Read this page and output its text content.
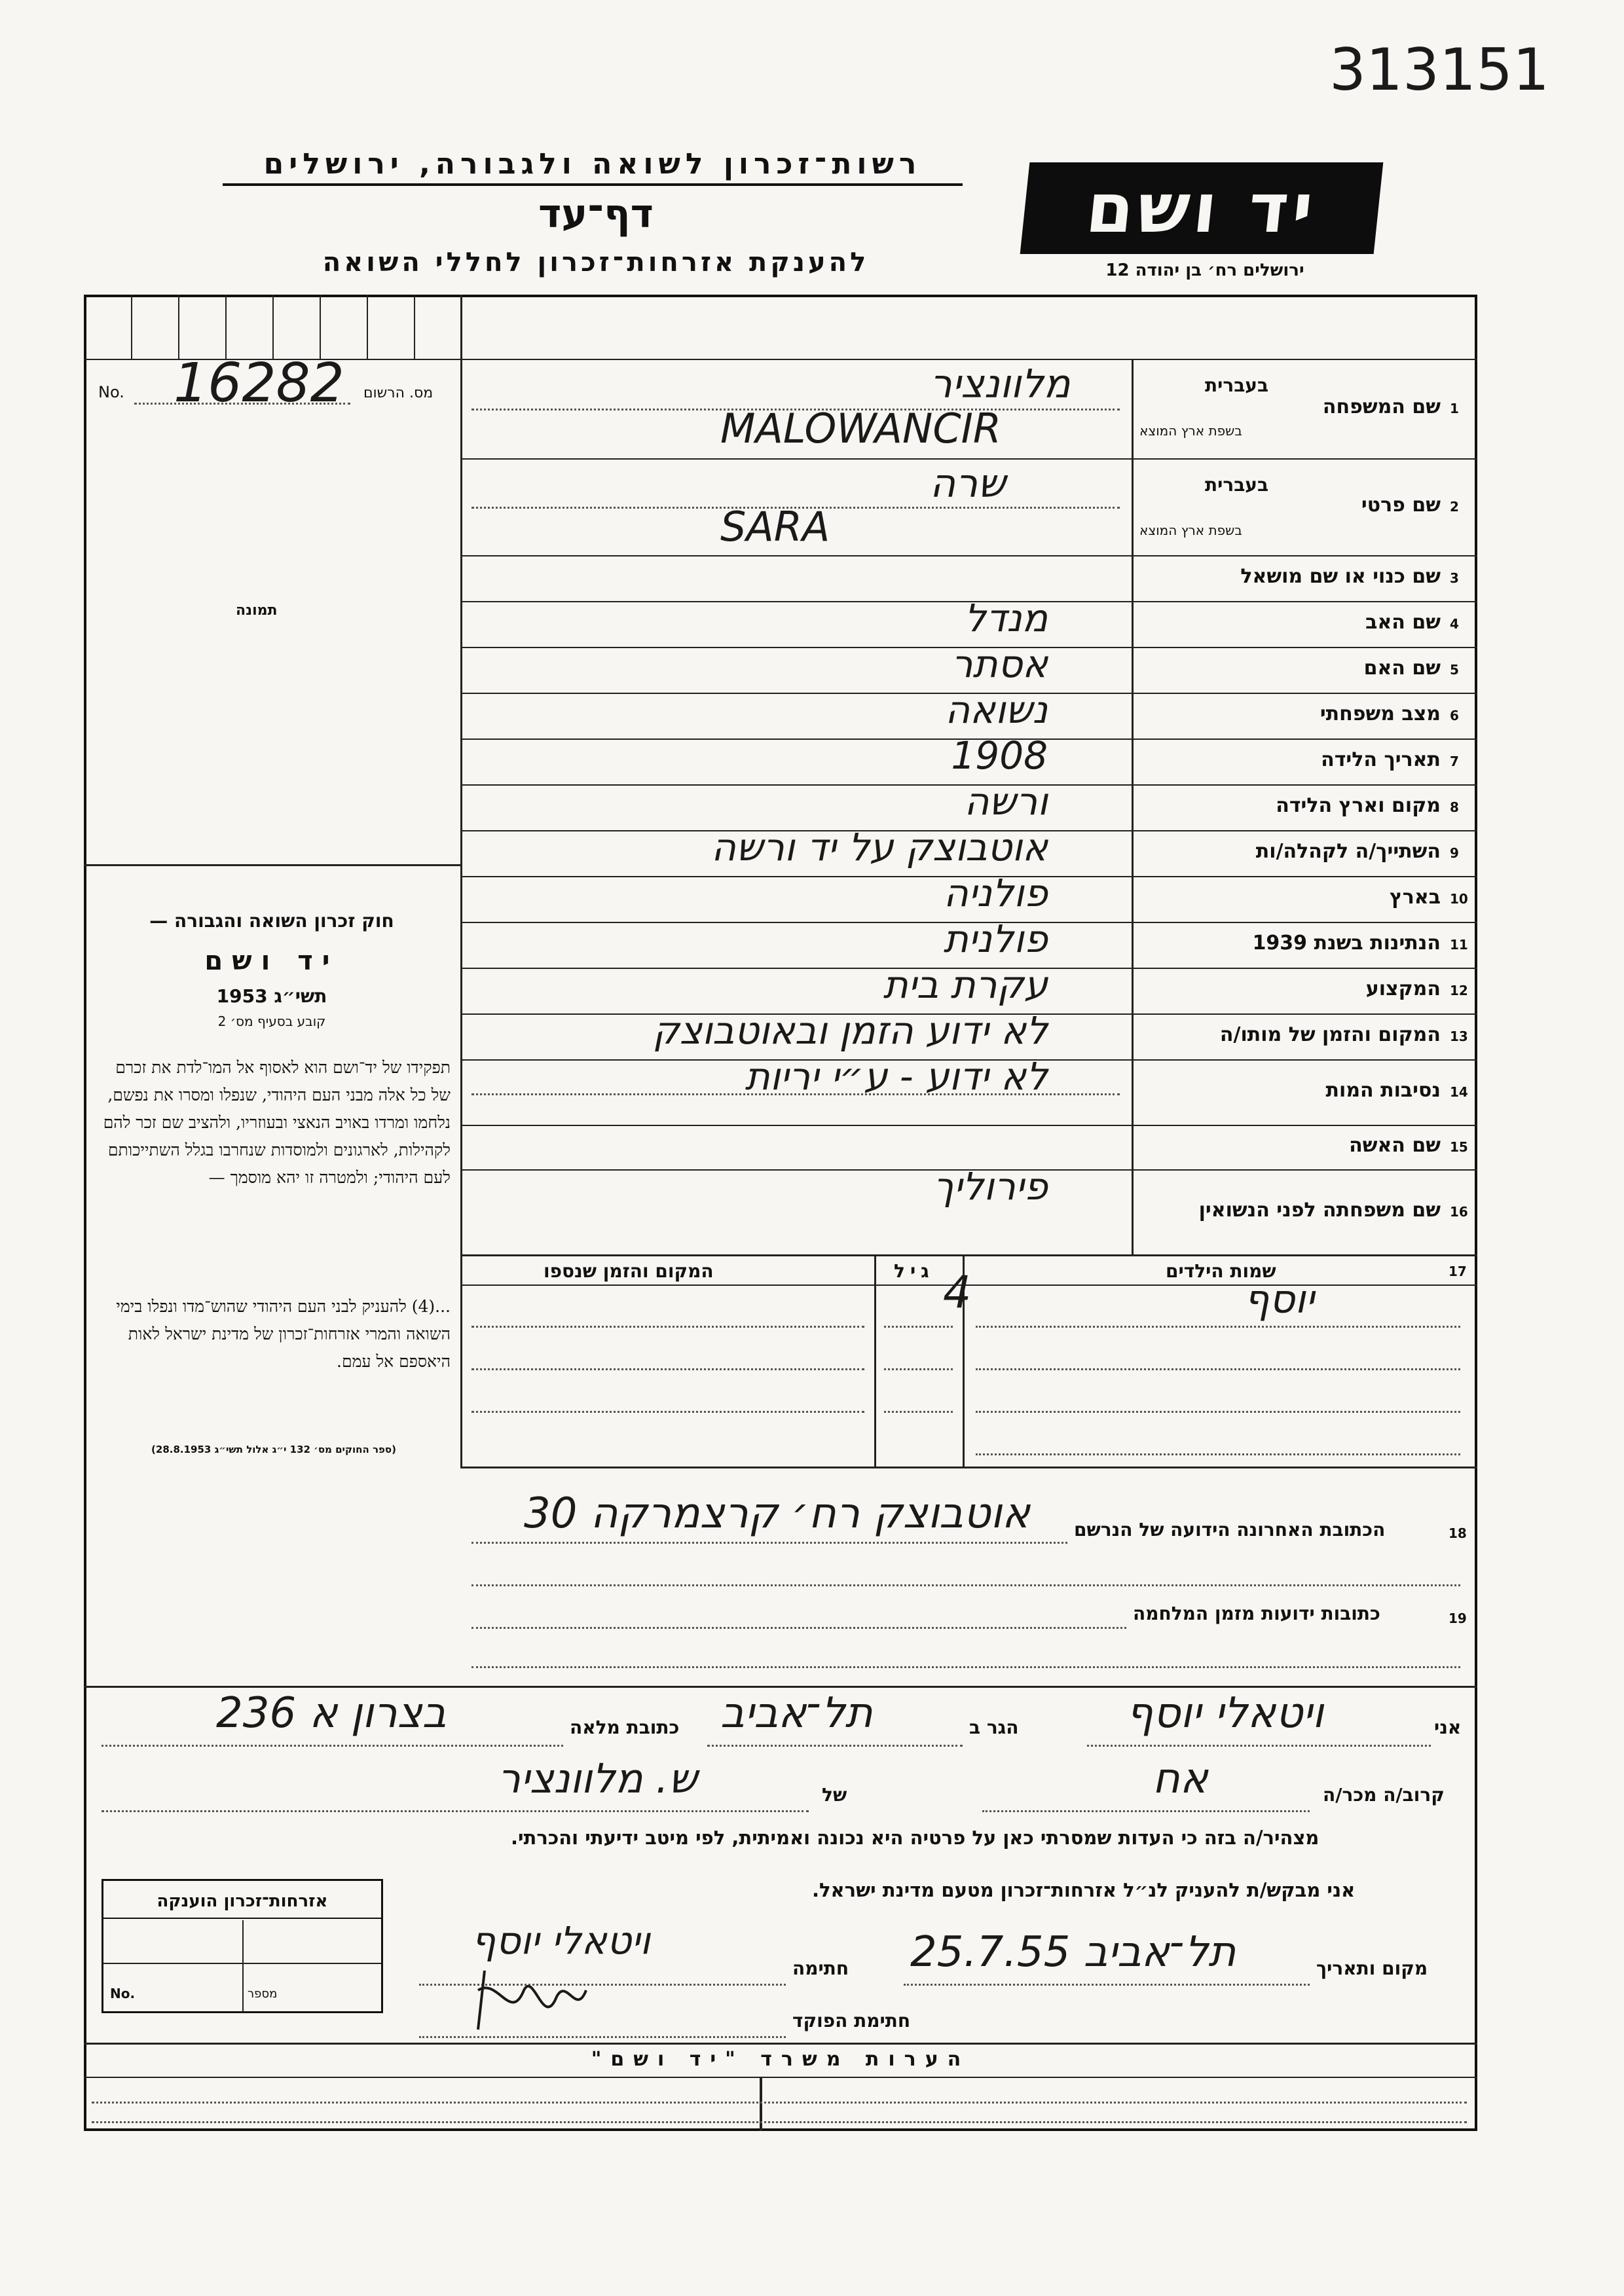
313151
רשות־זכרון לשואה ולגבורה, ירושלים
דף־עד
להענקת אזרחות־זכרון לחללי השואה
יד ושם
ירושלים רח׳ בן יהודה 12
No. 16282 מס. הרשום
תמונה
חוק זכרון השואה והגבורה —
יד ושם
תשי״ג 1953
קובע בסעיף מס׳ 2
תפקידו של יד־ושם הוא לאסוף אל המו־לדת את זכרם של כל אלה מבני העם היהודי, שנפלו ומסרו את נפשם, נלחמו ומרדו באויב הנאצי ובעוזריו, ולהציב שם זכר להם לקהילות, לארגונים ולמוסדות שנחרבו בגלל השתייכותם לעם היהודי; ולמטרה זו יהא מוסמך —
...(4) להעניק לבני העם היהודי שהוש־מדו ונפלו בימי השואה והמרי אזרחות־זכרון של מדינת ישראל לאות היאספם אל עמם.
(ספר החוקים מס׳ 132 י״ג אלול תשי״ג 28.8.1953)
1
שם המשפחה
בעברית
בשפת ארץ המוצא
מלוונציר
MALOWANCIR
2
שם פרטי
בעברית
בשפת ארץ המוצא
שרה
SARA
3
שם כנוי או שם מושאל
4
שם האב
מנדל
5
שם האם
אסתר
6
מצב משפחתי
נשואה
7
תאריך הלידה
1908
8
מקום וארץ הלידה
ורשה
9
השתייך/ה לקהלה/ות
אוטבוצק על יד ורשה
10
בארץ
פולניה
11
הנתינות בשנת 1939
פולנית
12
המקצוע
עקרת בית
13
המקום והזמן של מותו/ה
לא ידוע הזמן ובאוטבוצק
14
נסיבות המות
לא ידוע - ע״י יריות
15
שם האשה
16
שם משפחתה לפני הנשואין
פירוליך
17
שמות הילדים
גיל
המקום והזמן שנספו
יוסף
4
18
הכתובת האחרונה הידועה של הנרשם
אוטבוצק רח׳ קרצמרקה 30
19
כתובות ידועות מזמן המלחמה
אני
ויטאלי יוסף
הגר ב
תל־אביב
כתובת מלאה
בצרון א 236
קרוב/ה מכר/ה
אח
של
ש. מלוונציר
מצהיר/ה בזה כי העדות שמסרתי כאן על פרטיה היא נכונה ואמיתית, לפי מיטב ידיעתי והכרתי.
אני מבקש/ת להעניק לנ״ל אזרחות־זכרון מטעם מדינת ישראל.
מקום ותאריך
תל־אביב 25.7.55
חתימה
ויטאלי יוסף
חתימת הפוקד
אזרחות־זכרון הוענקה
No.	מספר
הערות משרד "יד ושם"
